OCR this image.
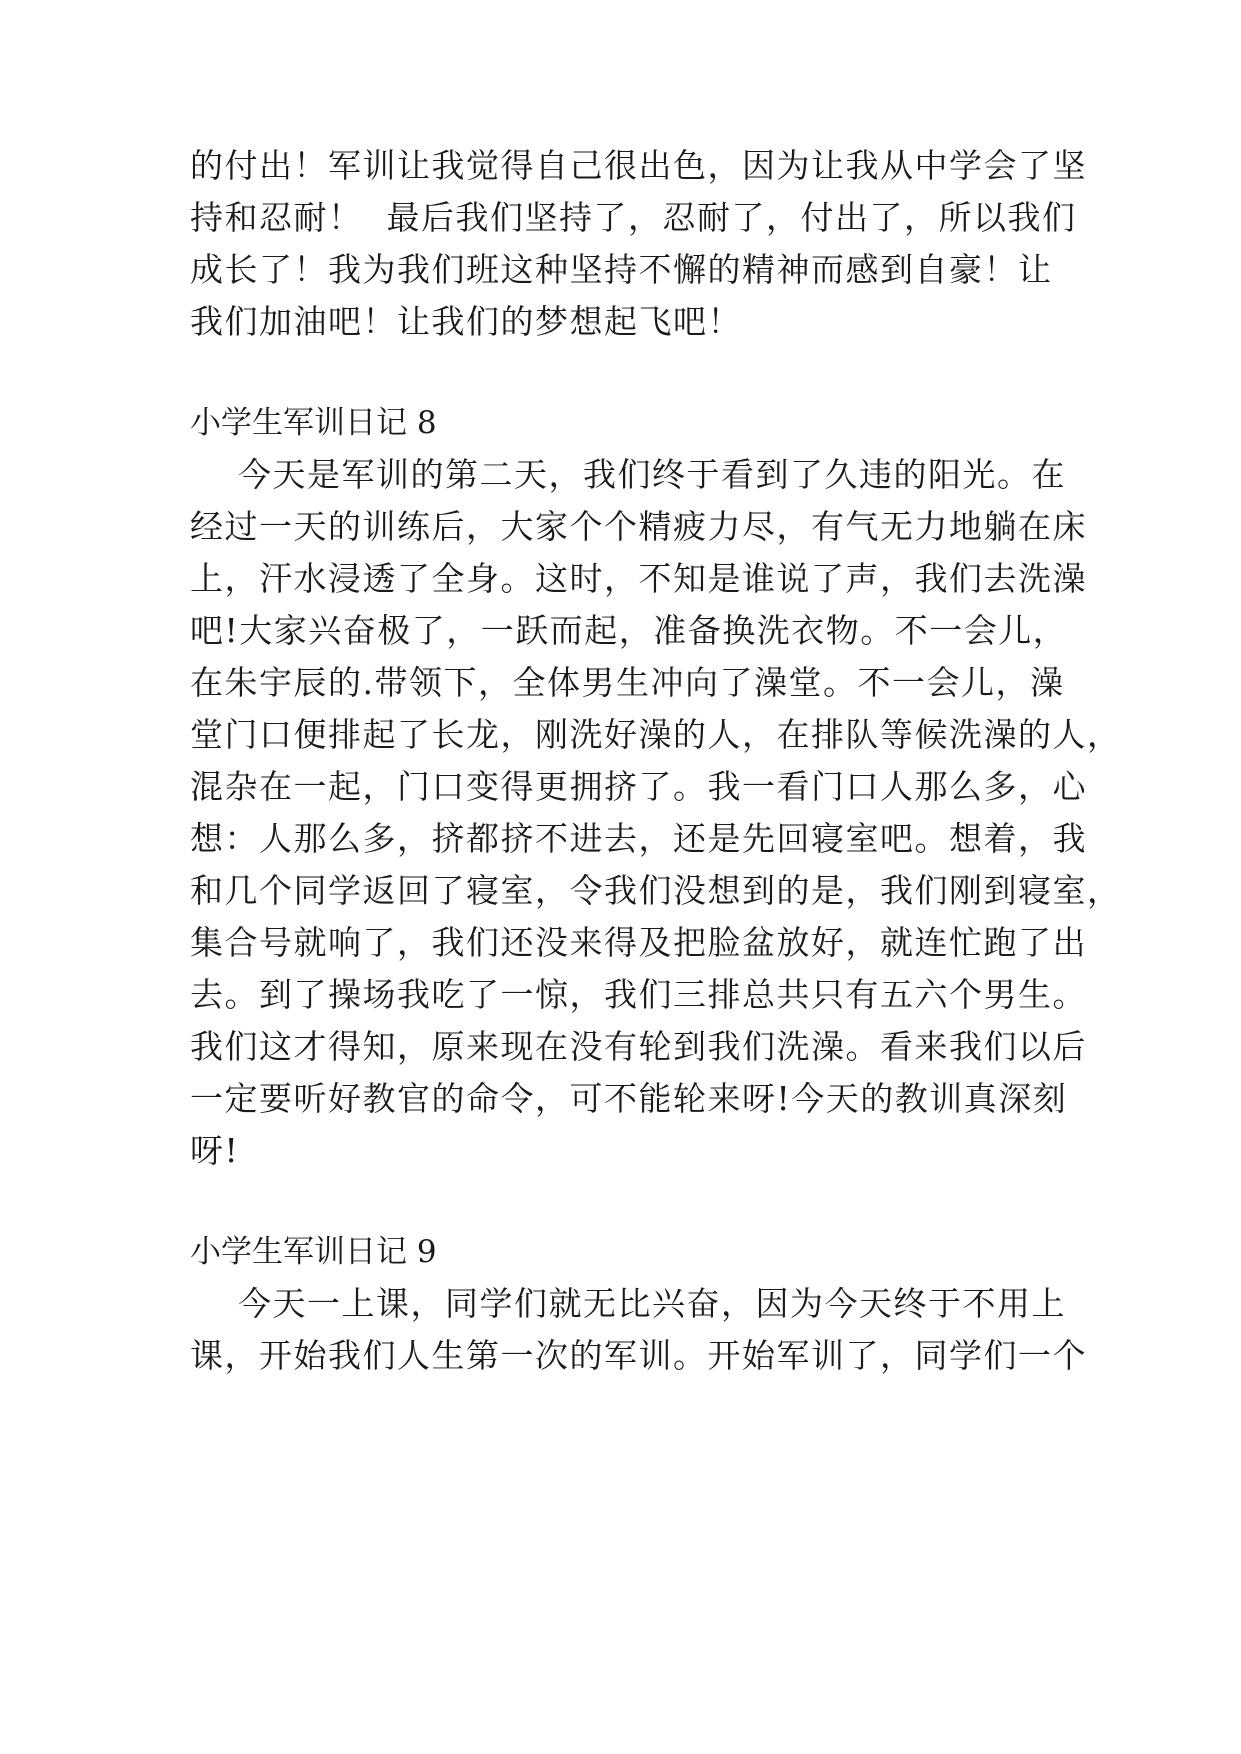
的付出！军训让我觉得自己很出色，因为让我从中学会了坚
持和忍耐！  最后我们坚持了，忍耐了，付出了，所以我们
成长了！我为我们班这种坚持不懈的精神而感到自豪！让
我们加油吧！让我们的梦想起飞吧！
小学生军训日记 8
今天是军训的第二天，我们终于看到了久违的阳光。在
经过一天的训练后，大家个个精疲力尽，有气无力地躺在床
上，汗水浸透了全身。这时，不知是谁说了声，我们去洗澡
吧!大家兴奋极了，一跃而起，准备换洗衣物。不一会儿，
在朱宇辰的.带领下，全体男生冲向了澡堂。不一会儿，澡
堂门口便排起了长龙，刚洗好澡的人，在排队等候洗澡的人，
混杂在一起，门口变得更拥挤了。我一看门口人那么多，心
想：人那么多，挤都挤不进去，还是先回寝室吧。想着，我
和几个同学返回了寝室，令我们没想到的是，我们刚到寝室，
集合号就响了，我们还没来得及把脸盆放好，就连忙跑了出
去。到了操场我吃了一惊，我们三排总共只有五六个男生。
我们这才得知，原来现在没有轮到我们洗澡。看来我们以后
一定要听好教官的命令，可不能轮来呀!今天的教训真深刻
呀!
小学生军训日记 9
今天一上课，同学们就无比兴奋，因为今天终于不用上
课，开始我们人生第一次的军训。开始军训了，同学们一个
